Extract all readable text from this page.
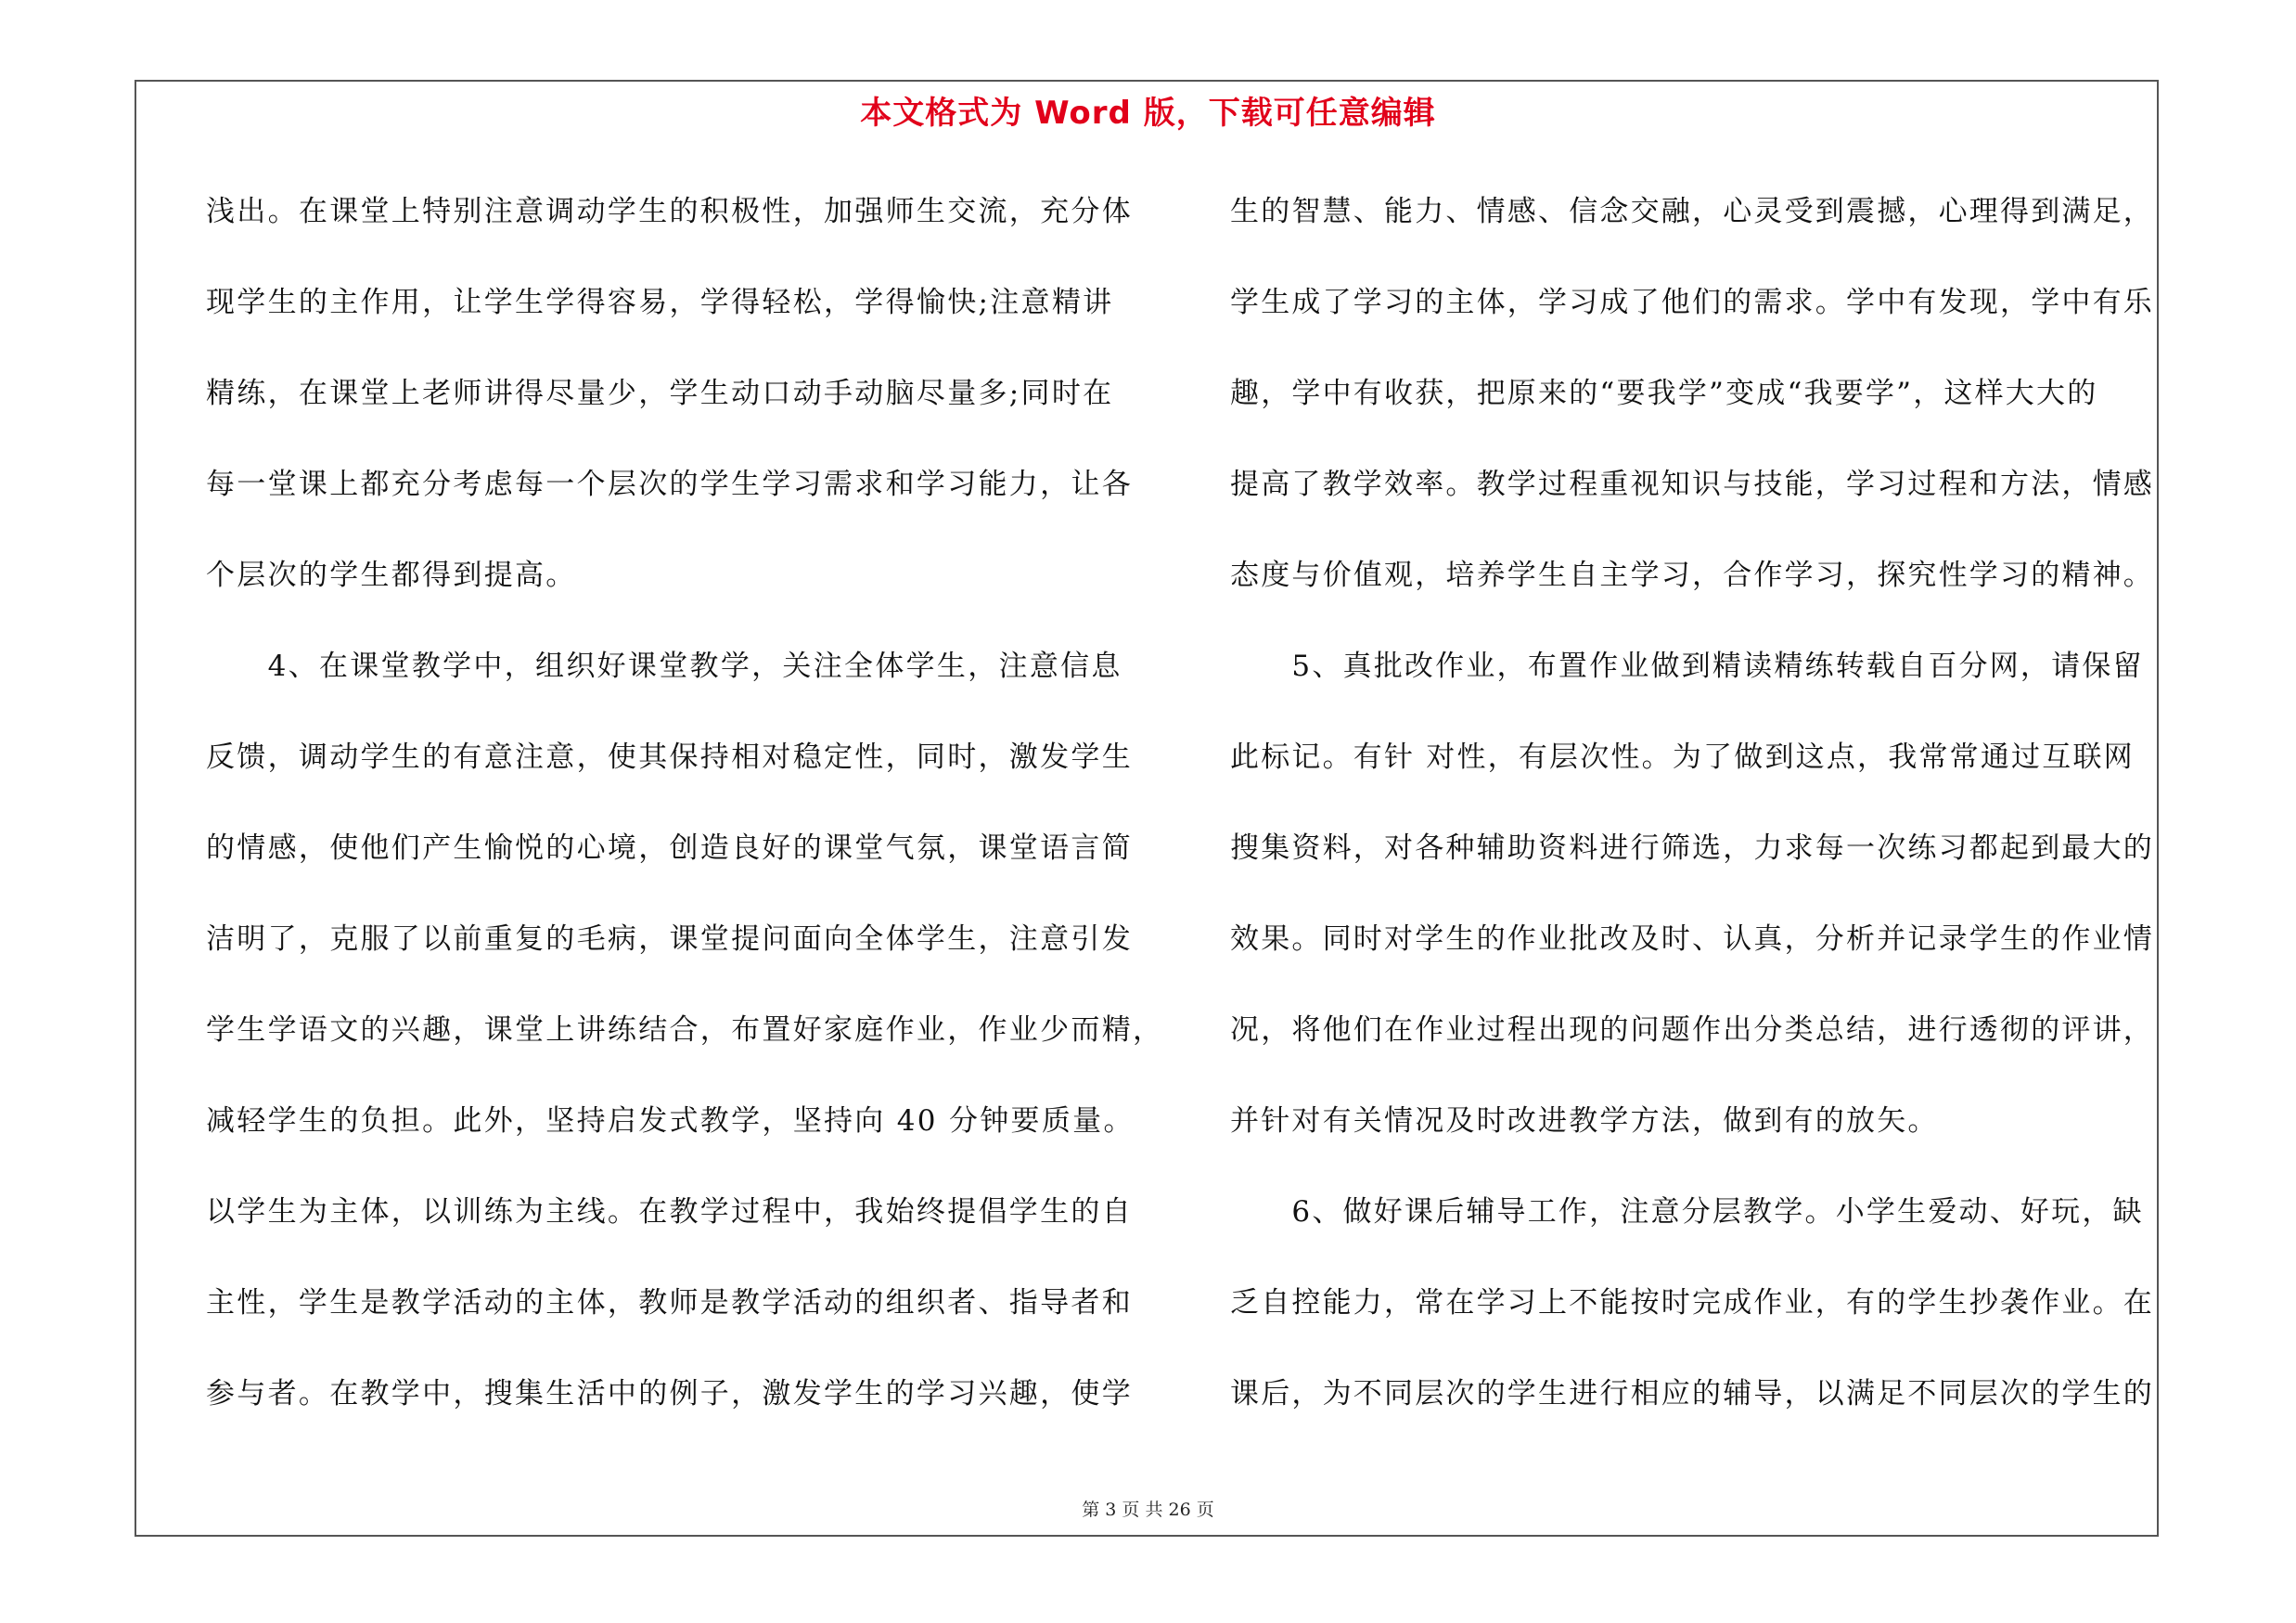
本文格式为 Word 版，下载可任意编辑
浅出。在课堂上特别注意调动学生的积极性，加强师生交流，充分体
现学生的主作用，让学生学得容易，学得轻松，学得愉快;注意精讲
精练，在课堂上老师讲得尽量少，学生动口动手动脑尽量多;同时在
每一堂课上都充分考虑每一个层次的学生学习需求和学习能力，让各
个层次的学生都得到提高。
　　4、在课堂教学中，组织好课堂教学，关注全体学生，注意信息
反馈，调动学生的有意注意，使其保持相对稳定性，同时，激发学生
的情感，使他们产生愉悦的心境，创造良好的课堂气氛，课堂语言简
洁明了，克服了以前重复的毛病，课堂提问面向全体学生，注意引发
学生学语文的兴趣，课堂上讲练结合，布置好家庭作业，作业少而精，
减轻学生的负担。此外，坚持启发式教学，坚持向 40 分钟要质量。
以学生为主体，以训练为主线。在教学过程中，我始终提倡学生的自
主性，学生是教学活动的主体，教师是教学活动的组织者、指导者和
参与者。在教学中，搜集生活中的例子，激发学生的学习兴趣，使学
生的智慧、能力、情感、信念交融，心灵受到震撼，心理得到满足，
学生成了学习的主体，学习成了他们的需求。学中有发现，学中有乐
趣，学中有收获，把原来的“要我学”变成“我要学”，这样大大的
提高了教学效率。教学过程重视知识与技能，学习过程和方法，情感
态度与价值观，培养学生自主学习，合作学习，探究性学习的精神。
　　5、真批改作业，布置作业做到精读精练转载自百分网，请保留
此标记。有针 对性，有层次性。为了做到这点，我常常通过互联网
搜集资料，对各种辅助资料进行筛选，力求每一次练习都起到最大的
效果。同时对学生的作业批改及时、认真，分析并记录学生的作业情
况，将他们在作业过程出现的问题作出分类总结，进行透彻的评讲，
并针对有关情况及时改进教学方法，做到有的放矢。
　　6、做好课后辅导工作，注意分层教学。小学生爱动、好玩，缺
乏自控能力，常在学习上不能按时完成作业，有的学生抄袭作业。在
课后，为不同层次的学生进行相应的辅导，以满足不同层次的学生的
第 3 页 共 26 页
